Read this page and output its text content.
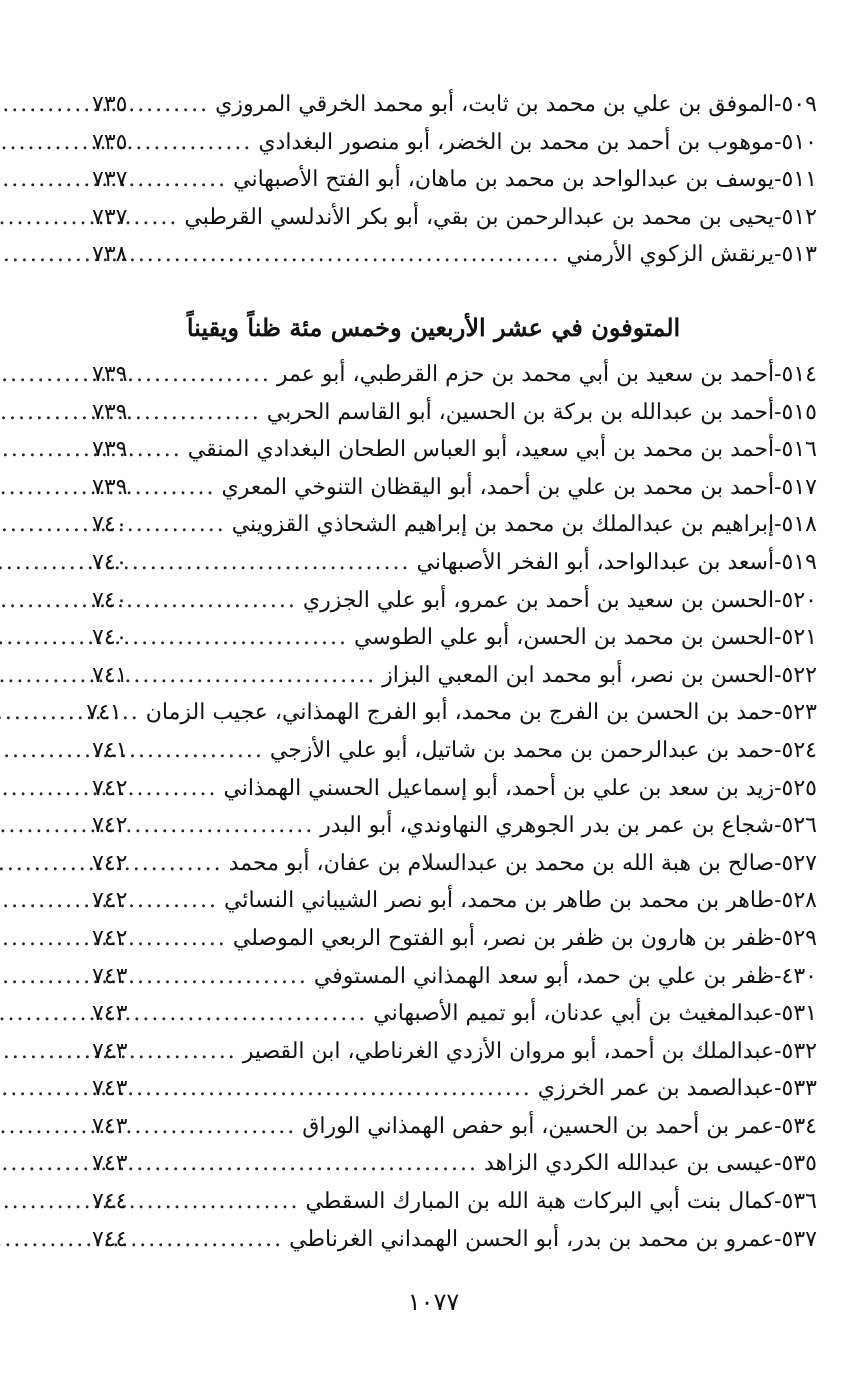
٥٠٩-
الموفق بن علي بن محمد بن ثابت، أبو محمد الخرقي المروزي
.....
٧٣٥
٥١٠-
موهوب بن أحمد بن محمد بن الخضر، أبو منصور البغدادي
.....
٧٣٥
٥١١-
يوسف بن عبدالواحد بن محمد بن ماهان، أبو الفتح الأصبهاني
.....
٧٣٧
٥١٢-
يحيى بن محمد بن عبدالرحمن بن بقي، أبو بكر الأندلسي القرطبي
.....
٧٣٧
٥١٣-
يرنقش الزكوي الأرمني
.....
٧٣٨
المتوفون في عشر الأربعين وخمس مئة ظناً ويقيناً
٥١٤-
أحمد بن سعيد بن أبي محمد بن حزم القرطبي، أبو عمر
.....
٧٣٩
٥١٥-
أحمد بن عبدالله بن بركة بن الحسين، أبو القاسم الحربي
.....
٧٣٩
٥١٦-
أحمد بن محمد بن أبي سعيد، أبو العباس الطحان البغدادي المنقي
.....
٧٣٩
٥١٧-
أحمد بن محمد بن علي بن أحمد، أبو اليقظان التنوخي المعري
.....
٧٣٩
٥١٨-
إبراهيم بن عبدالملك بن محمد بن إبراهيم الشحاذي القزويني
.....
٧٤٠
٥١٩-
أسعد بن عبدالواحد، أبو الفخر الأصبهاني
.....
٧٤٠
٥٢٠-
الحسن بن سعيد بن أحمد بن عمرو، أبو علي الجزري
.....
٧٤٠
٥٢١-
الحسن بن محمد بن الحسن، أبو علي الطوسي
.....
٧٤٠
٥٢٢-
الحسن بن نصر، أبو محمد ابن المعبي البزاز
.....
٧٤١
٥٢٣-
حمد بن الحسن بن الفرج بن محمد، أبو الفرج الهمذاني، عجيب الزمان
.....
٧٤١
٥٢٤-
حمد بن عبدالرحمن بن محمد بن شاتيل، أبو علي الأزجي
.....
٧٤١
٥٢٥-
زيد بن سعد بن علي بن أحمد، أبو إسماعيل الحسني الهمذاني
.....
٧٤٢
٥٢٦-
شجاع بن عمر بن بدر الجوهري النهاوندي، أبو البدر
.....
٧٤٢
٥٢٧-
صالح بن هبة الله بن محمد بن عبدالسلام بن عفان، أبو محمد
.....
٧٤٢
٥٢٨-
طاهر بن محمد بن طاهر بن محمد، أبو نصر الشيباني النسائي
.....
٧٤٢
٥٢٩-
ظفر بن هارون بن ظفر بن نصر، أبو الفتوح الربعي الموصلي
.....
٧٤٢
٤٣٠-
ظفر بن علي بن حمد، أبو سعد الهمذاني المستوفي
.....
٧٤٣
٥٣١-
عبدالمغيث بن أبي عدنان، أبو تميم الأصبهاني
.....
٧٤٣
٥٣٢-
عبدالملك بن أحمد، أبو مروان الأزدي الغرناطي، ابن القصير
.....
٧٤٣
٥٣٣-
عبدالصمد بن عمر الخرزي
.....
٧٤٣
٥٣٤-
عمر بن أحمد بن الحسين، أبو حفص الهمذاني الوراق
.....
٧٤٣
٥٣٥-
عيسى بن عبدالله الكردي الزاهد
.....
٧٤٣
٥٣٦-
كمال بنت أبي البركات هبة الله بن المبارك السقطي
.....
٧٤٤
٥٣٧-
عمرو بن محمد بن بدر، أبو الحسن الهمداني الغرناطي
.....
٧٤٤
١٠٧٧
